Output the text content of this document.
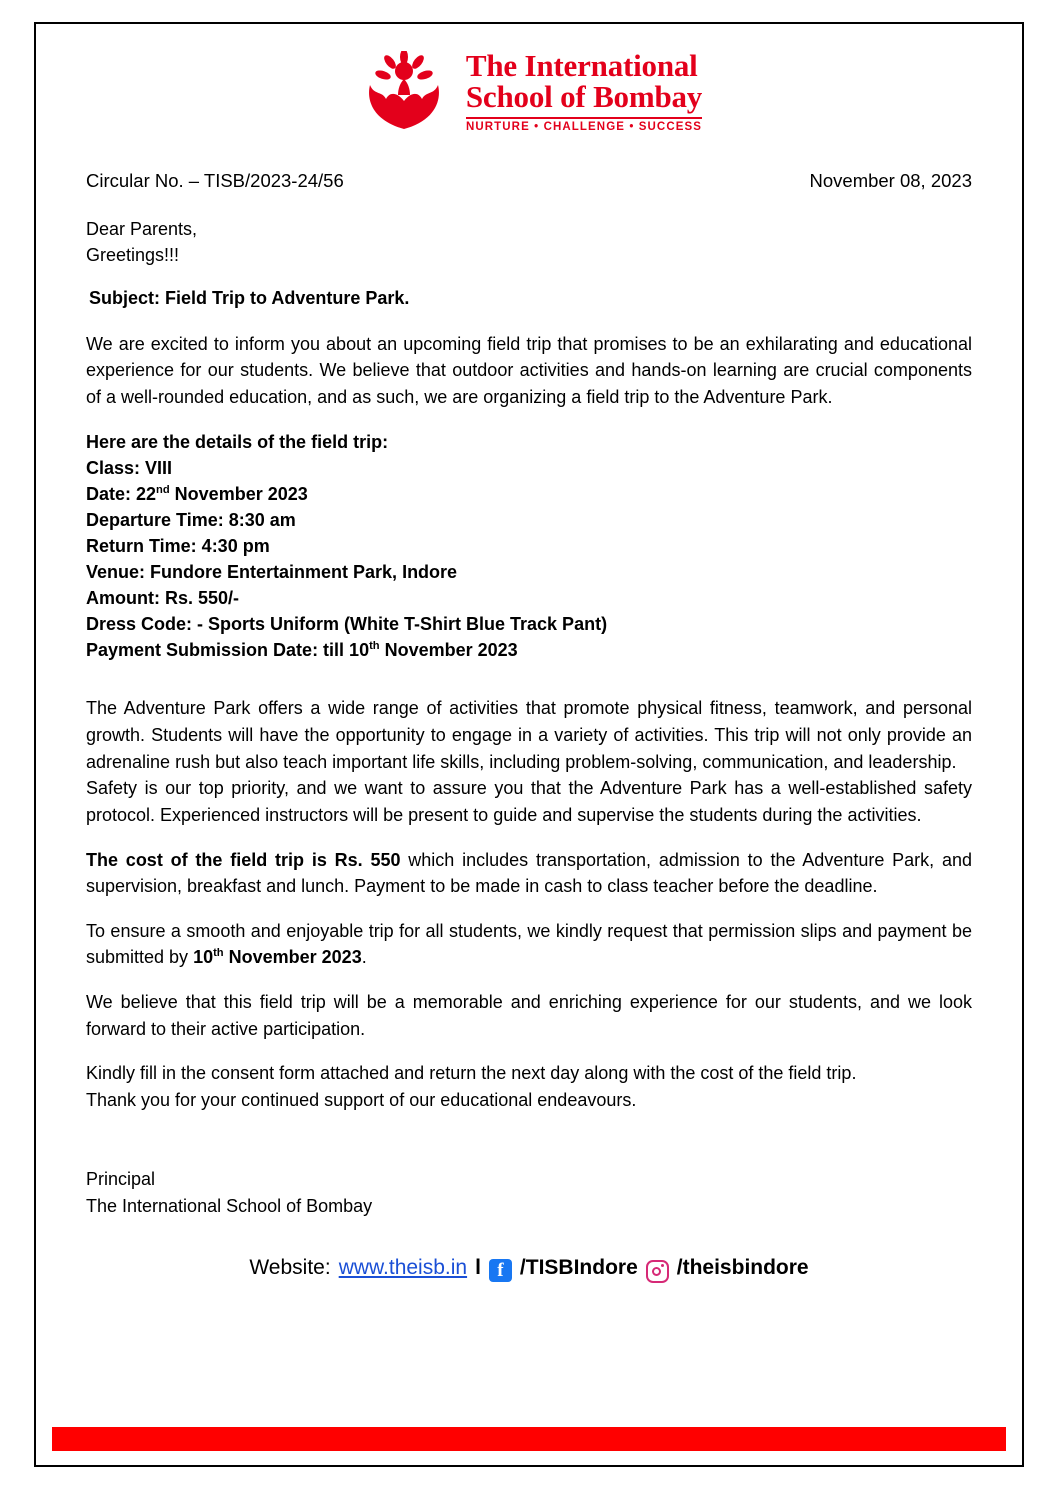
The International
School of Bombay
NURTURE • CHALLENGE • SUCCESS
Circular No. – TISB/2023-24/56	November 08, 2023
Dear Parents,
Greetings!!!
Subject: Field Trip to Adventure Park.

We are excited to inform you about an upcoming field trip that promises to be an exhilarating and educational experience for our students. We believe that outdoor activities and hands-on learning are crucial components of a well-rounded education, and as such, we are organizing a field trip to the Adventure Park.

Here are the details of the field trip:
Class: VIII
Date: 22nd November 2023
Departure Time: 8:30 am
Return Time: 4:30 pm
Venue: Fundore Entertainment Park, Indore
Amount: Rs. 550/-
Dress Code: - Sports Uniform (White T-Shirt Blue Track Pant)
Payment Submission Date: till 10th November 2023

The Adventure Park offers a wide range of activities that promote physical fitness, teamwork, and personal growth. Students will have the opportunity to engage in a variety of activities. This trip will not only provide an adrenaline rush but also teach important life skills, including problem-solving, communication, and leadership.

Safety is our top priority, and we want to assure you that the Adventure Park has a well-established safety protocol. Experienced instructors will be present to guide and supervise the students during the activities.

The cost of the field trip is Rs. 550 which includes transportation, admission to the Adventure Park, and supervision, breakfast and lunch. Payment to be made in cash to class teacher before the deadline.

To ensure a smooth and enjoyable trip for all students, we kindly request that permission slips and payment be submitted by 10th November 2023.

We believe that this field trip will be a memorable and enriching experience for our students, and we look forward to their active participation.

Kindly fill in the consent form attached and return the next day along with the cost of the field trip.

Thank you for your continued support of our educational endeavours.

Principal
The International School of Bombay
Website: www.theisb.in l f /TISBIndore /theisbindore
